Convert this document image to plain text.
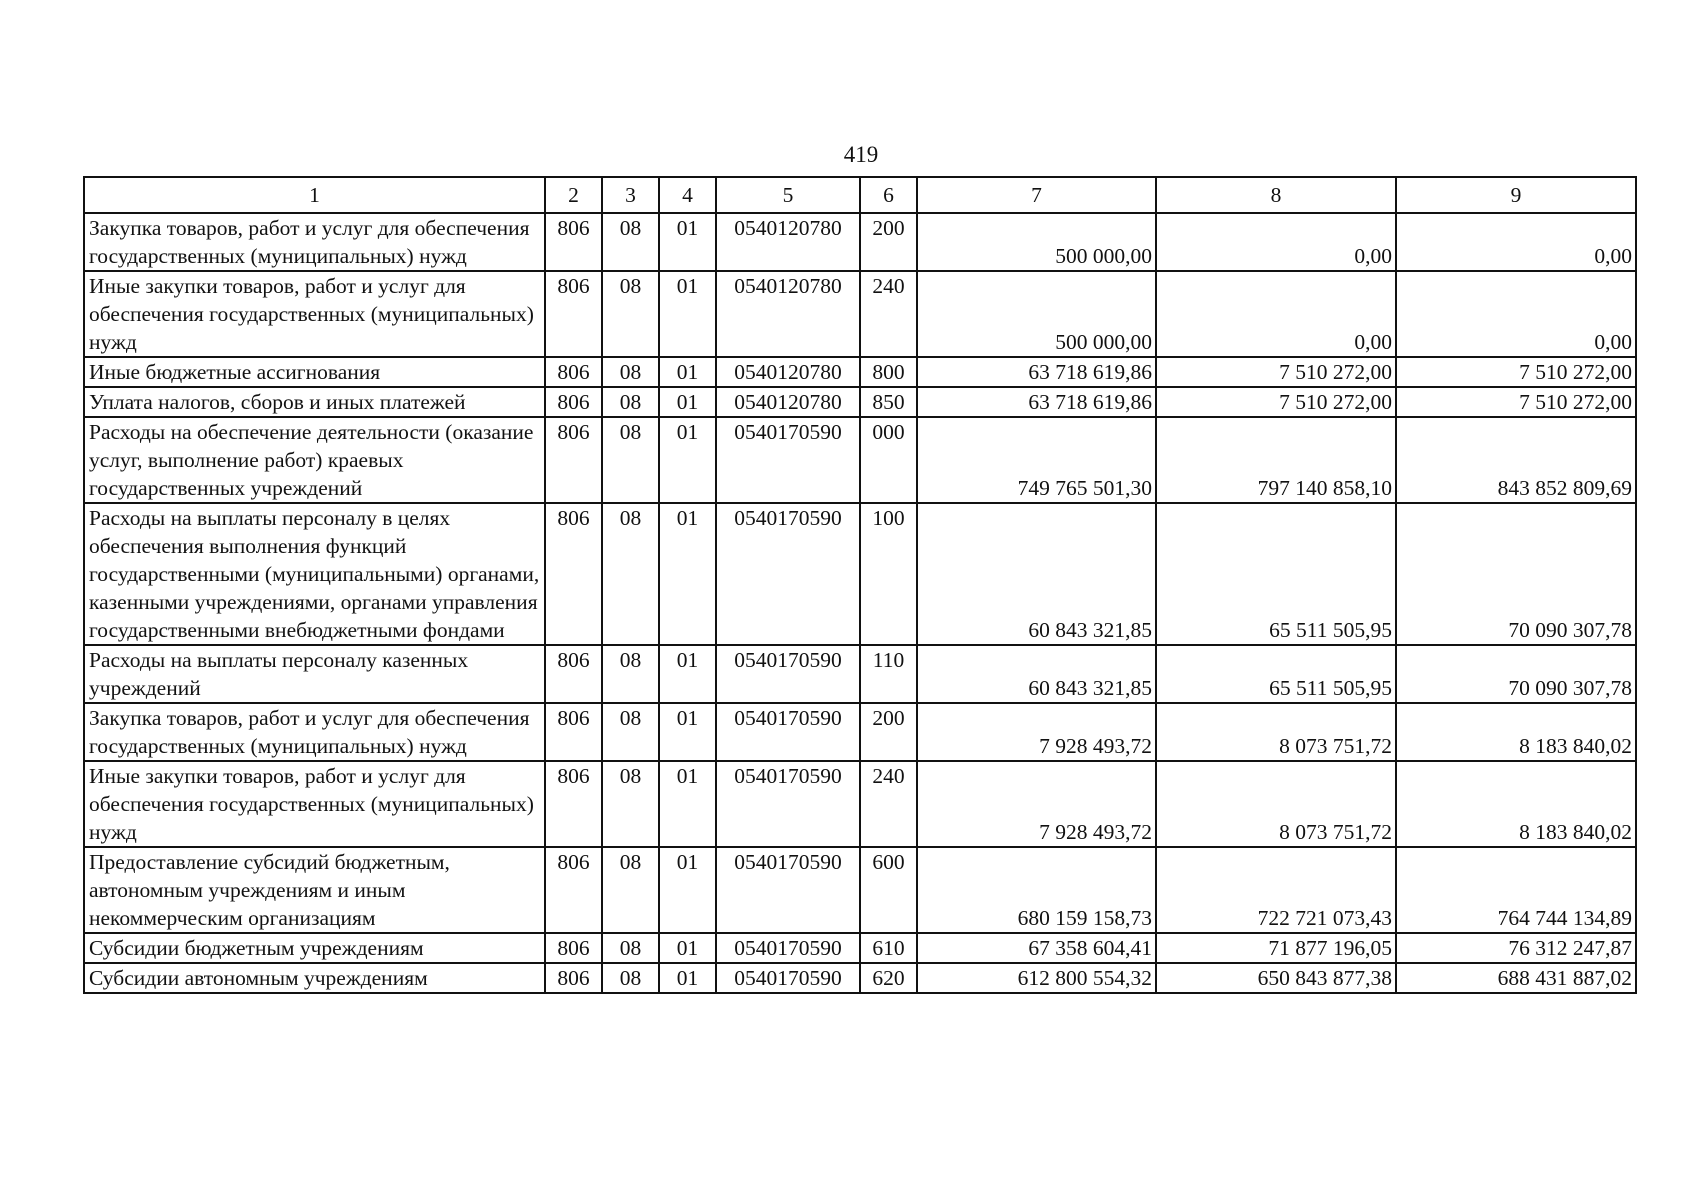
419
1	2	3	4	5	6	7	8	9
Закупка товаров, работ и услуг для обеспечения государственных (муниципальных) нужд	806	08	01	0540120780	200	500 000,00	0,00	0,00
Иные закупки товаров, работ и услуг для обеспечения государственных (муниципальных) нужд	806	08	01	0540120780	240	500 000,00	0,00	0,00
Иные бюджетные ассигнования	806	08	01	0540120780	800	63 718 619,86	7 510 272,00	7 510 272,00
Уплата налогов, сборов и иных платежей	806	08	01	0540120780	850	63 718 619,86	7 510 272,00	7 510 272,00
Расходы на обеспечение деятельности (оказание услуг, выполнение работ) краевых государственных учреждений	806	08	01	0540170590	000	749 765 501,30	797 140 858,10	843 852 809,69
Расходы на выплаты персоналу в целях обеспечения выполнения функций государственными (муниципальными) органами, казенными учреждениями, органами управления государственными внебюджетными фондами	806	08	01	0540170590	100	60 843 321,85	65 511 505,95	70 090 307,78
Расходы на выплаты персоналу казенных учреждений	806	08	01	0540170590	110	60 843 321,85	65 511 505,95	70 090 307,78
Закупка товаров, работ и услуг для обеспечения государственных (муниципальных) нужд	806	08	01	0540170590	200	7 928 493,72	8 073 751,72	8 183 840,02
Иные закупки товаров, работ и услуг для обеспечения государственных (муниципальных) нужд	806	08	01	0540170590	240	7 928 493,72	8 073 751,72	8 183 840,02
Предоставление субсидий бюджетным, автономным учреждениям и иным некоммерческим организациям	806	08	01	0540170590	600	680 159 158,73	722 721 073,43	764 744 134,89
Субсидии бюджетным учреждениям	806	08	01	0540170590	610	67 358 604,41	71 877 196,05	76 312 247,87
Субсидии автономным учреждениям	806	08	01	0540170590	620	612 800 554,32	650 843 877,38	688 431 887,02
